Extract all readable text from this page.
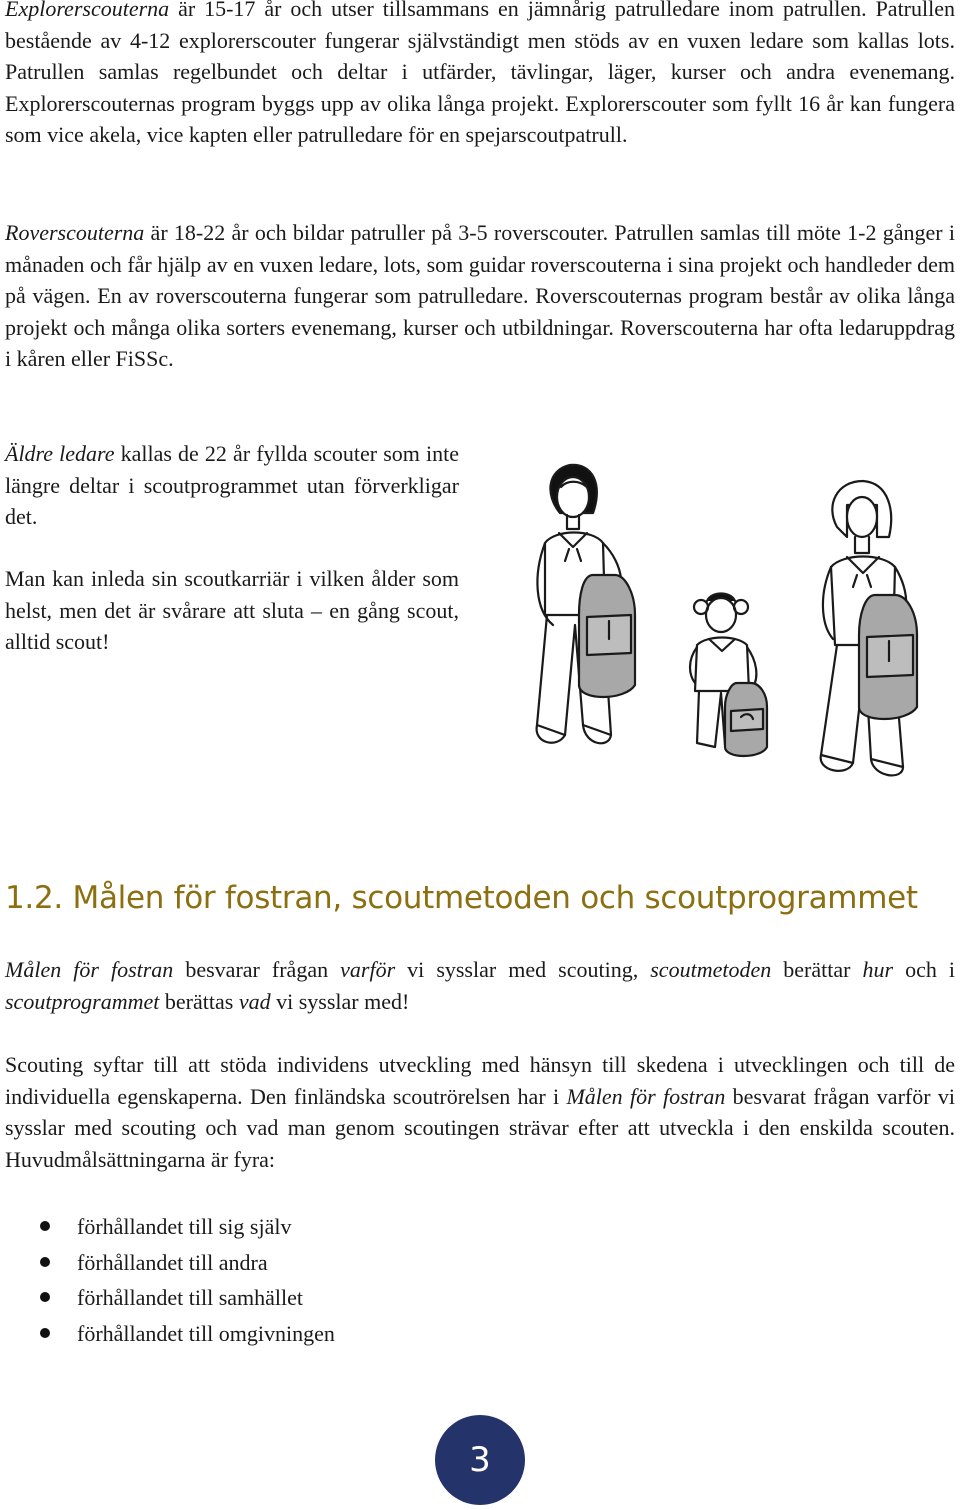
Explorerscouterna är 15-17 år och utser tillsammans en jämnårig patrulledare inom patrullen. Patrullen bestående av 4-12 explorerscouter fungerar självständigt men stöds av en vuxen ledare som kallas lots. Patrullen samlas regelbundet och deltar i utfärder, tävlingar, läger, kurser och andra evenemang. Explorerscouternas program byggs upp av olika långa projekt. Explorerscouter som fyllt 16 år kan fungera som vice akela, vice kapten eller patrulledare för en spejarscoutpatrull.

Roverscouterna är 18-22 år och bildar patruller på 3-5 roverscouter. Patrullen samlas till möte 1-2 gånger i månaden och får hjälp av en vuxen ledare, lots, som guidar roverscouterna i sina projekt och handleder dem på vägen. En av roverscouterna fungerar som patrulledare. Roverscouternas program består av olika långa projekt och många olika sorters evenemang, kurser och utbildningar. Roverscouterna har ofta ledaruppdrag i kåren eller FiSSc.

Äldre ledare kallas de 22 år fyllda scouter som inte längre deltar i scoutprogrammet utan förverkligar det.

Man kan inleda sin scoutkarriär i vilken ålder som helst, men det är svårare att sluta – en gång scout, alltid scout!

1.2. Målen för fostran, scoutmetoden och scoutprogrammet

Målen för fostran besvarar frågan varför vi sysslar med scouting, scoutmetoden berättar hur och i scoutprogrammet berättas vad vi sysslar med!

Scouting syftar till att stöda individens utveckling med hänsyn till skedena i utvecklingen och till de individuella egenskaperna. Den finländska scoutrörelsen har i Målen för fostran besvarat frågan varför vi sysslar med scouting och vad man genom scoutingen strävar efter att utveckla i den enskilda scouten. Huvudmålsättningarna är fyra:

förhållandet till sig själv
förhållandet till andra
förhållandet till samhället
förhållandet till omgivningen
3
